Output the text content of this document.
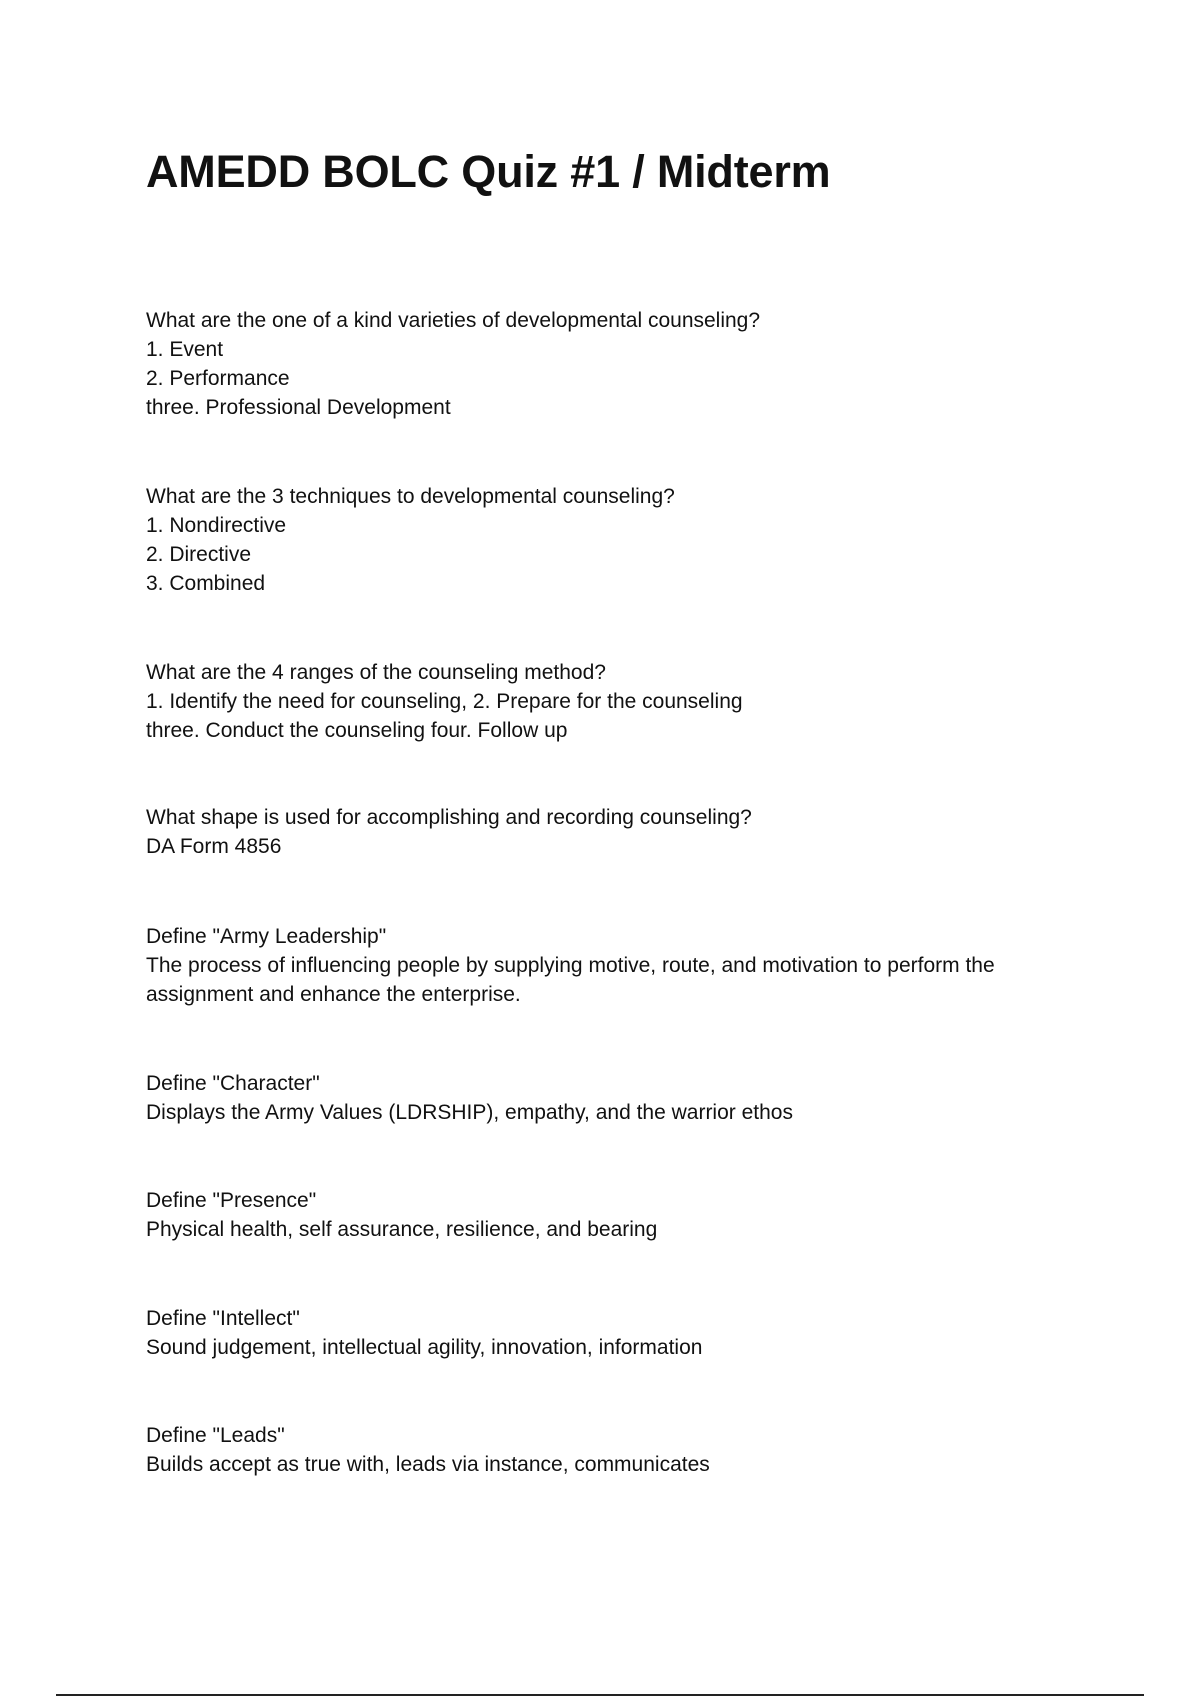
AMEDD BOLC Quiz #1 / Midterm

What are the one of a kind varieties of developmental counseling?

1. Event

2. Performance

three. Professional Development

What are the 3 techniques to developmental counseling?

1. Nondirective

2. Directive

3. Combined

What are the 4 ranges of the counseling method?

1. Identify the need for counseling, 2. Prepare for the counseling

three. Conduct the counseling four. Follow up

What shape is used for accomplishing and recording counseling?

DA Form 4856

Define "Army Leadership"

The process of influencing people by supplying motive, route, and motivation to perform the assignment and enhance the enterprise.

Define "Character"

Displays the Army Values (LDRSHIP), empathy, and the warrior ethos

Define "Presence"

Physical health, self assurance, resilience, and bearing

Define "Intellect"

Sound judgement, intellectual agility, innovation, information

Define "Leads"

Builds accept as true with, leads via instance, communicates
